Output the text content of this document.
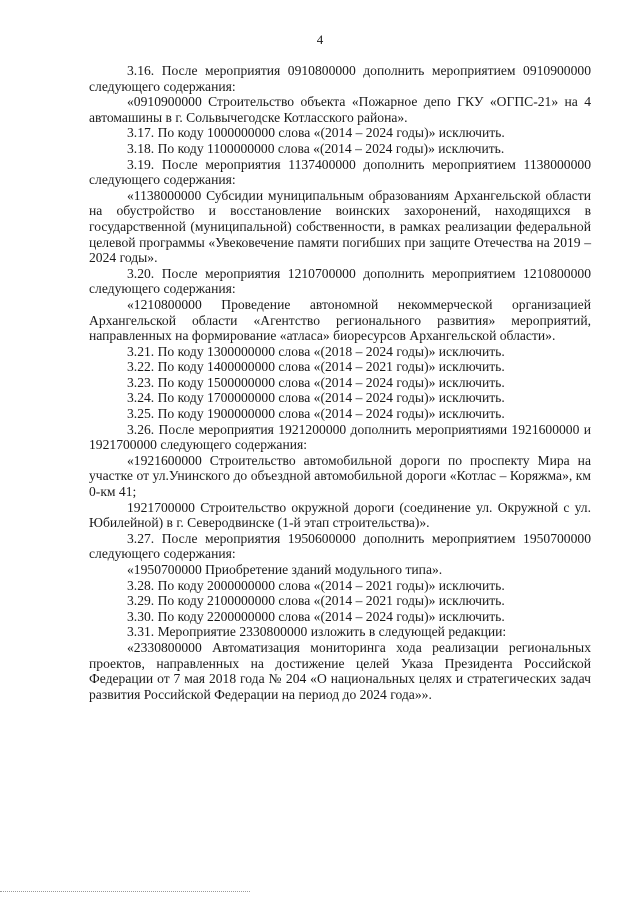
4

3.16. После мероприятия 0910800000 дополнить мероприятием 0910900000 следующего содержания:

«0910900000 Строительство объекта «Пожарное депо ГКУ «ОГПС-21» на 4 автомашины в г. Сольвычегодске Котласского района».

3.17. По коду 1000000000 слова «(2014 – 2024 годы)» исключить.

3.18. По коду 1100000000 слова «(2014 – 2024 годы)» исключить.

3.19. После мероприятия 1137400000 дополнить мероприятием 1138000000 следующего содержания:

«1138000000 Субсидии муниципальным образованиям Архангельской области на обустройство и восстановление воинских захоронений, находящихся в государственной (муниципальной) собственности, в рамках реализации федеральной целевой программы «Увековечение памяти погибших при защите Отечества на 2019 – 2024 годы».

3.20. После мероприятия 1210700000 дополнить мероприятием 1210800000 следующего содержания:

«1210800000 Проведение автономной некоммерческой организацией Архангельской области «Агентство регионального развития» мероприятий, направленных на формирование «атласа» биоресурсов Архангельской области».

3.21. По коду 1300000000 слова «(2018 – 2024 годы)» исключить.

3.22. По коду 1400000000 слова «(2014 – 2021 годы)» исключить.

3.23. По коду 1500000000 слова «(2014 – 2024 годы)» исключить.

3.24. По коду 1700000000 слова «(2014 – 2024 годы)» исключить.

3.25. По коду 1900000000 слова «(2014 – 2024 годы)» исключить.

3.26. После мероприятия 1921200000 дополнить мероприятиями 1921600000 и 1921700000 следующего содержания:

«1921600000 Строительство автомобильной дороги по проспекту Мира на участке от ул.Унинского до объездной автомобильной дороги «Котлас – Коряжма», км 0-км 41;

1921700000 Строительство окружной дороги (соединение ул. Окружной с ул. Юбилейной) в г. Северодвинске (1-й этап строительства)».

3.27. После мероприятия 1950600000 дополнить мероприятием 1950700000 следующего содержания:

«1950700000 Приобретение зданий модульного типа».

3.28. По коду 2000000000 слова «(2014 – 2021 годы)» исключить.

3.29. По коду 2100000000 слова «(2014 – 2021 годы)» исключить.

3.30. По коду 2200000000 слова «(2014 – 2024 годы)» исключить.

3.31. Мероприятие 2330800000 изложить в следующей редакции:

«2330800000 Автоматизация мониторинга хода реализации региональных проектов, направленных на достижение целей Указа Президента Российской Федерации от 7 мая 2018 года № 204 «О национальных целях и стратегических задач развития Российской Федерации на период до 2024 года»».
